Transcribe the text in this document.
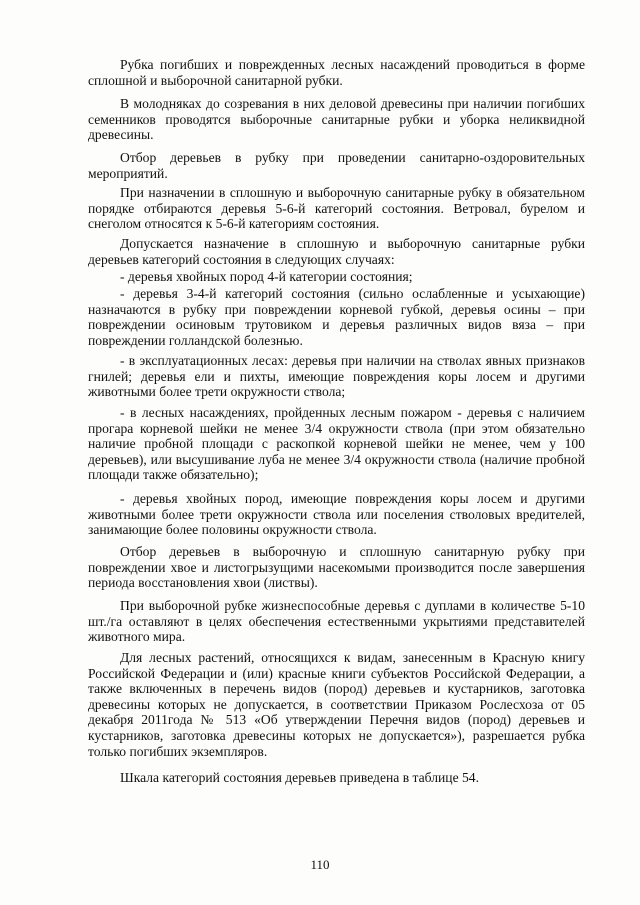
Рубка погибших и поврежденных лесных насаждений проводиться в форме сплошной и выборочной санитарной рубки.

В молодняках до созревания в них деловой древесины при наличии погибших семенников проводятся выборочные санитарные рубки и уборка неликвидной древесины.

Отбор деревьев в рубку при проведении санитарно-оздоровительных мероприятий.

При назначении в сплошную и выборочную санитарные рубку в обязательном порядке отбираются деревья 5-6-й категорий состояния. Ветровал, бурелом и снеголом относятся к 5-6-й категориям состояния.

Допускается назначение в сплошную и выборочную санитарные рубки деревьев категорий состояния в следующих случаях:

- деревья хвойных пород 4-й категории состояния;

- деревья 3-4-й категорий состояния (сильно ослабленные и усыхающие) назначаются в рубку при повреждении корневой губкой, деревья осины – при повреждении осиновым трутовиком и деревья различных видов вяза – при повреждении голландской болезнью.

- в эксплуатационных лесах: деревья при наличии на стволах явных признаков гнилей; деревья ели и пихты, имеющие повреждения коры лосем и другими животными более трети окружности ствола;

- в лесных насаждениях, пройденных лесным пожаром - деревья с наличием прогара корневой шейки не менее 3/4 окружности ствола (при этом обязательно наличие пробной площади с раскопкой корневой шейки не менее, чем у 100 деревьев), или высушивание луба не менее 3/4 окружности ствола (наличие пробной площади также обязательно);

- деревья хвойных пород, имеющие повреждения коры лосем и другими животными более трети окружности ствола или поселения стволовых вредителей, занимающие более половины окружности ствола.

Отбор деревьев в выборочную и сплошную санитарную рубку при повреждении хвое и листогрызущими насекомыми производится после завершения периода восстановления хвои (листвы).

При выборочной рубке жизнеспособные деревья с дуплами в количестве 5-10 шт./га оставляют в целях обеспечения естественными укрытиями представителей животного мира.

Для лесных растений, относящихся к видам, занесенным в Красную книгу Российской Федерации и (или) красные книги субъектов Российской Федерации, а также включенных в перечень видов (пород) деревьев и кустарников, заготовка древесины которых не допускается, в соответствии Приказом Рослесхоза от 05 декабря 2011года № 513 «Об утверждении Перечня видов (пород) деревьев и кустарников, заготовка древесины которых не допускается»), разрешается рубка только погибших экземпляров.

Шкала категорий состояния деревьев приведена в таблице 54.

110
